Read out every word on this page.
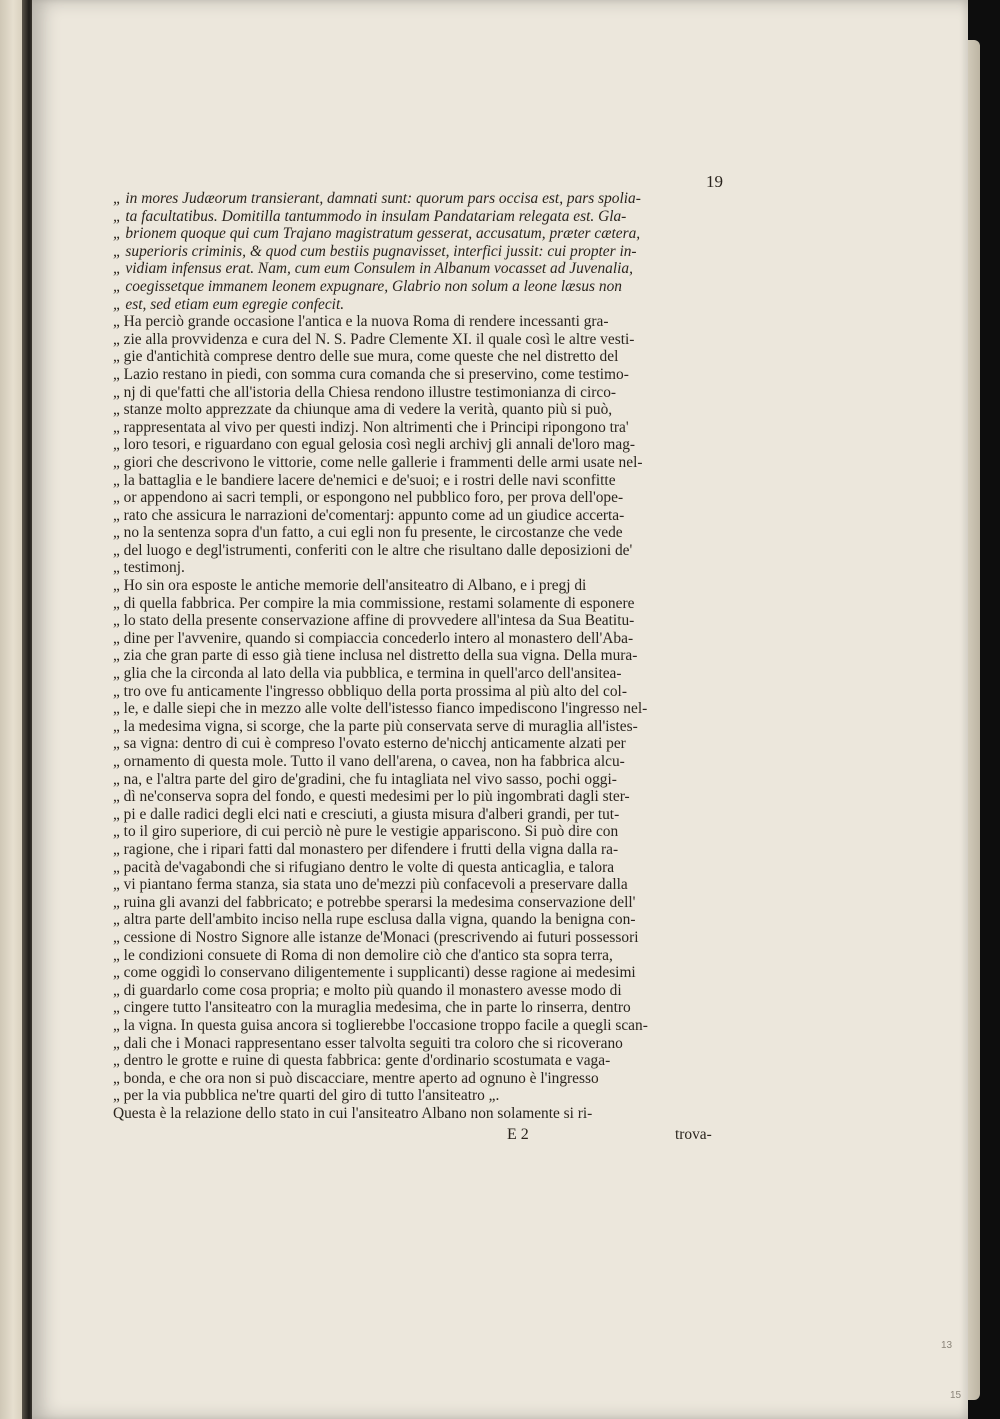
19
„ in mores Judæorum transierant, damnati sunt: quorum pars occisa est, pars spolia-
„ ta facultatibus. Domitilla tantummodo in insulam Pandatariam relegata est. Gla-
„ brionem quoque qui cum Trajano magistratum gesserat, accusatum, præter cætera,
„ superioris criminis, & quod cum bestiis pugnavisset, interfici jussit: cui propter in-
„ vidiam infensus erat. Nam, cum eum Consulem in Albanum vocasset ad Juvenalia,
„ coegissetque immanem leonem expugnare, Glabrio non solum a leone læsus non
„ est, sed etiam eum egregie confecit.
„ Ha perciò grande occasione l'antica e la nuova Roma di rendere incessanti gra-
„ zie alla provvidenza e cura del N. S. Padre Clemente XI. il quale così le altre vesti-
„ gie d'antichità comprese dentro delle sue mura, come queste che nel distretto del
„ Lazio restano in piedi, con somma cura comanda che si preservino, come testimo-
„ nj di que'fatti che all'istoria della Chiesa rendono illustre testimonianza di circo-
„ stanze molto apprezzate da chiunque ama di vedere la verità, quanto più si può,
„ rappresentata al vivo per questi indizj. Non altrimenti che i Principi ripongono tra'
„ loro tesori, e riguardano con egual gelosia così negli archivj gli annali de'loro mag-
„ giori che descrivono le vittorie, come nelle gallerie i frammenti delle armi usate nel-
„ la battaglia e le bandiere lacere de'nemici e de'suoi; e i rostri delle navi sconfitte
„ or appendono ai sacri templi, or espongono nel pubblico foro, per prova dell'ope-
„ rato che assicura le narrazioni de'comentarj: appunto come ad un giudice accerta-
„ no la sentenza sopra d'un fatto, a cui egli non fu presente, le circostanze che vede
„ del luogo e degl'istrumenti, conferiti con le altre che risultano dalle deposizioni de'
„ testimonj.
„ Ho sin ora esposte le antiche memorie dell'ansiteatro di Albano, e i pregj di
„ di quella fabbrica. Per compire la mia commissione, restami solamente di esponere
„ lo stato della presente conservazione affine di provvedere all'intesa da Sua Beatitu-
„ dine per l'avvenire, quando si compiaccia concederlo intero al monastero dell'Aba-
„ zia che gran parte di esso già tiene inclusa nel distretto della sua vigna. Della mura-
„ glia che la circonda al lato della via pubblica, e termina in quell'arco dell'ansitea-
„ tro ove fu anticamente l'ingresso obbliquo della porta prossima al più alto del col-
„ le, e dalle siepi che in mezzo alle volte dell'istesso fianco impediscono l'ingresso nel-
„ la medesima vigna, si scorge, che la parte più conservata serve di muraglia all'istes-
„ sa vigna: dentro di cui è compreso l'ovato esterno de'nicchj anticamente alzati per
„ ornamento di questa mole. Tutto il vano dell'arena, o cavea, non ha fabbrica alcu-
„ na, e l'altra parte del giro de'gradini, che fu intagliata nel vivo sasso, pochi oggi-
„ dì ne'conserva sopra del fondo, e questi medesimi per lo più ingombrati dagli ster-
„ pi e dalle radici degli elci nati e cresciuti, a giusta misura d'alberi grandi, per tut-
„ to il giro superiore, di cui perciò nè pure le vestigie appariscono. Si può dire con
„ ragione, che i ripari fatti dal monastero per difendere i frutti della vigna dalla ra-
„ pacità de'vagabondi che si rifugiano dentro le volte di questa anticaglia, e talora
„ vi piantano ferma stanza, sia stata uno de'mezzi più confacevoli a preservare dalla
„ ruina gli avanzi del fabbricato; e potrebbe sperarsi la medesima conservazione dell'
„ altra parte dell'ambito inciso nella rupe esclusa dalla vigna, quando la benigna con-
„ cessione di Nostro Signore alle istanze de'Monaci (prescrivendo ai futuri possessori
„ le condizioni consuete di Roma di non demolire ciò che d'antico sta sopra terra,
„ come oggidì lo conservano diligentemente i supplicanti) desse ragione ai medesimi
„ di guardarlo come cosa propria; e molto più quando il monastero avesse modo di
„ cingere tutto l'ansiteatro con la muraglia medesima, che in parte lo rinserra, dentro
„ la vigna. In questa guisa ancora si toglierebbe l'occasione troppo facile a quegli scan-
„ dali che i Monaci rappresentano esser talvolta seguiti tra coloro che si ricoverano
„ dentro le grotte e ruine di questa fabbrica: gente d'ordinario scostumata e vaga-
„ bonda, e che ora non si può discacciare, mentre aperto ad ognuno è l'ingresso
„ per la via pubblica ne'tre quarti del giro di tutto l'ansiteatro „.
Questa è la relazione dello stato in cui l'ansiteatro Albano non solamente si ri-
E 2	trova-
13
15
